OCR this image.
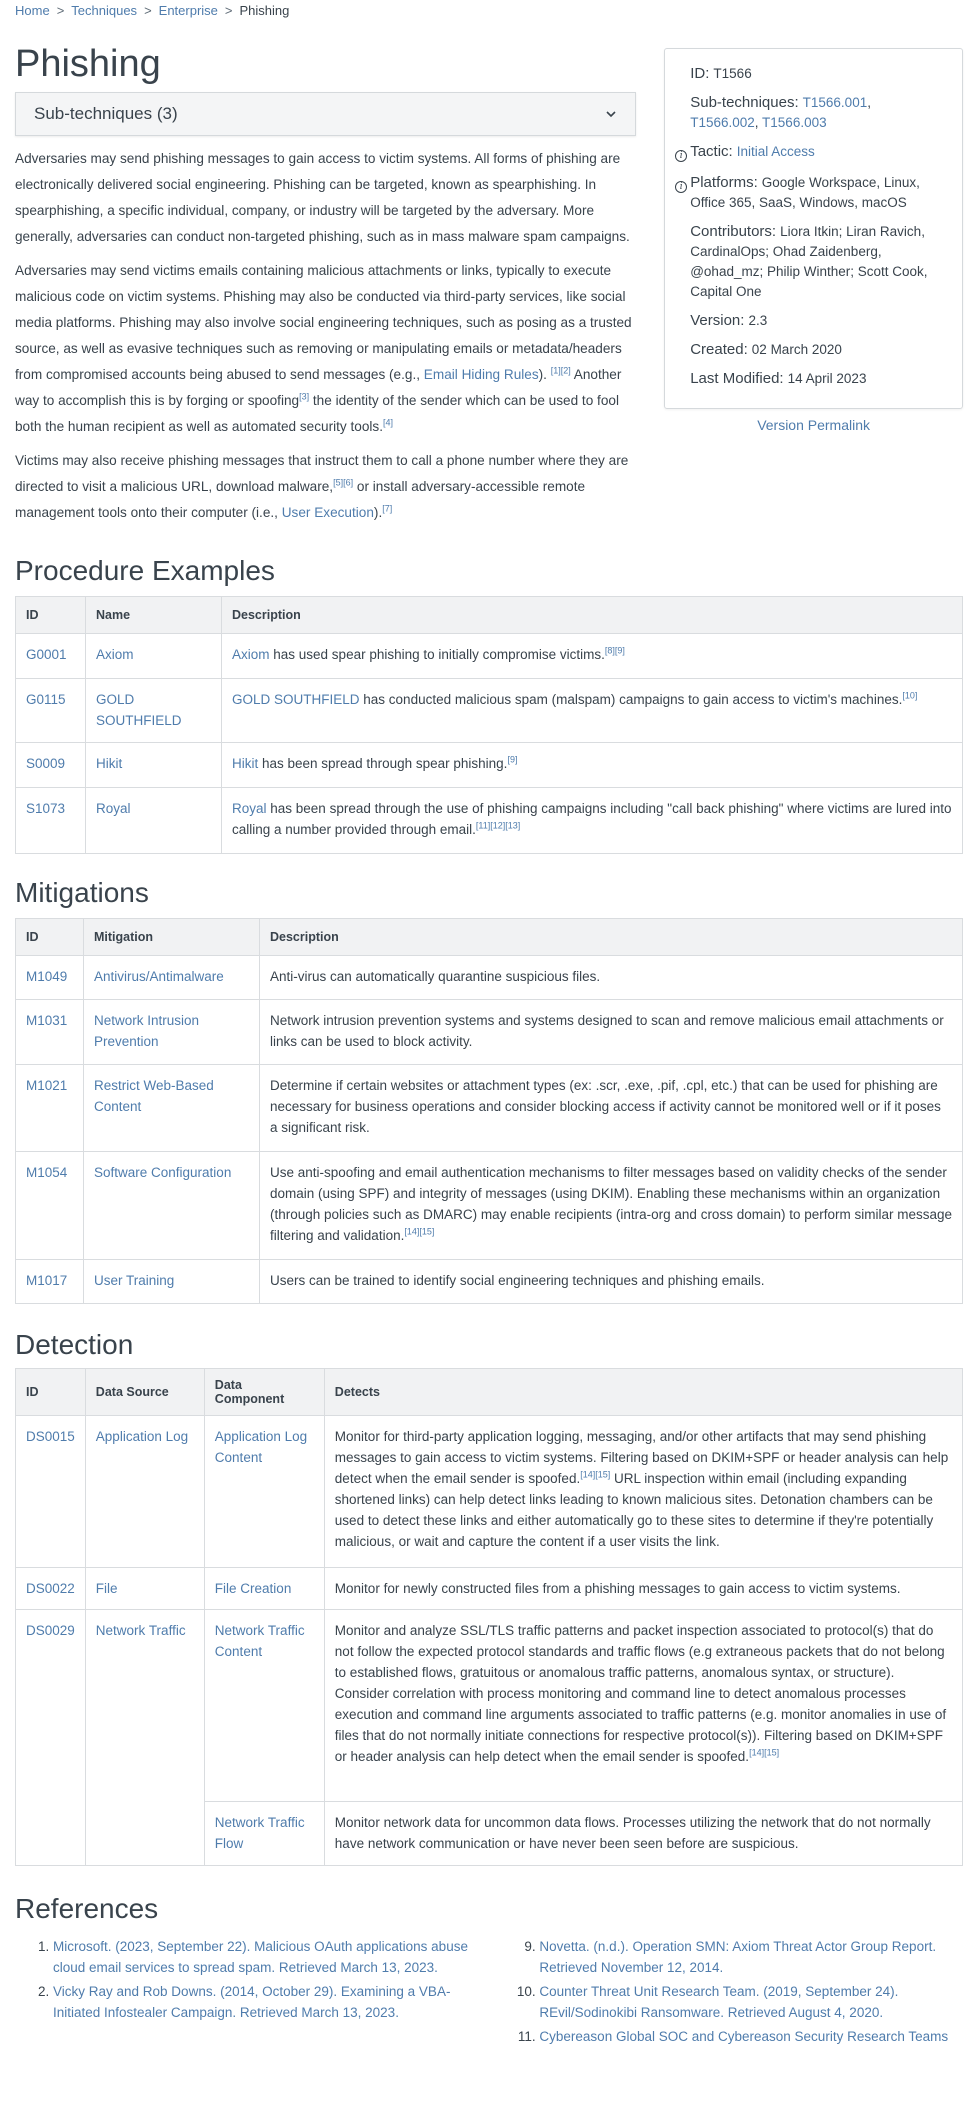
Home > Techniques > Enterprise > Phishing
Phishing
Sub-techniques (3)

Adversaries may send phishing messages to gain access to victim systems. All forms of phishing are electronically delivered social engineering. Phishing can be targeted, known as spearphishing. In spearphishing, a specific individual, company, or industry will be targeted by the adversary. More generally, adversaries can conduct non-targeted phishing, such as in mass malware spam campaigns.

Adversaries may send victims emails containing malicious attachments or links, typically to execute malicious code on victim systems. Phishing may also be conducted via third-party services, like social media platforms. Phishing may also involve social engineering techniques, such as posing as a trusted source, as well as evasive techniques such as removing or manipulating emails or metadata/headers from compromised accounts being abused to send messages (e.g., Email Hiding Rules). [1][2] Another way to accomplish this is by forging or spoofing[3] the identity of the sender which can be used to fool both the human recipient as well as automated security tools.[4]

Victims may also receive phishing messages that instruct them to call a phone number where they are directed to visit a malicious URL, download malware,[5][6] or install adversary-accessible remote management tools onto their computer (i.e., User Execution).[7]

ID: T1566
Sub-techniques: T1566.001, T1566.002, T1566.003
i Tactic: Initial Access
i Platforms: Google Workspace, Linux, Office 365, SaaS, Windows, macOS
Contributors: Liora Itkin; Liran Ravich, CardinalOps; Ohad Zaidenberg, @ohad_mz; Philip Winther; Scott Cook, Capital One
Version: 2.3
Created: 02 March 2020
Last Modified: 14 April 2023
Version Permalink
Procedure Examples
ID	Name	Description
G0001	Axiom	Axiom has used spear phishing to initially compromise victims.[8][9]
G0115	GOLD SOUTHFIELD	GOLD SOUTHFIELD has conducted malicious spam (malspam) campaigns to gain access to victim's machines.[10]
S0009	Hikit	Hikit has been spread through spear phishing.[9]
S1073	Royal	Royal has been spread through the use of phishing campaigns including "call back phishing" where victims are lured into calling a number provided through email.[11][12][13]
Mitigations
ID	Mitigation	Description
M1049	Antivirus/Antimalware	Anti-virus can automatically quarantine suspicious files.
M1031	Network Intrusion Prevention	Network intrusion prevention systems and systems designed to scan and remove malicious email attachments or links can be used to block activity.
M1021	Restrict Web-Based Content	Determine if certain websites or attachment types (ex: .scr, .exe, .pif, .cpl, etc.) that can be used for phishing are necessary for business operations and consider blocking access if activity cannot be monitored well or if it poses a significant risk.
M1054	Software Configuration	Use anti-spoofing and email authentication mechanisms to filter messages based on validity checks of the sender domain (using SPF) and integrity of messages (using DKIM). Enabling these mechanisms within an organization (through policies such as DMARC) may enable recipients (intra-org and cross domain) to perform similar message filtering and validation.[14][15]
M1017	User Training	Users can be trained to identify social engineering techniques and phishing emails.
Detection
ID	Data Source	Data Component	Detects
DS0015	Application Log	Application Log Content	Monitor for third-party application logging, messaging, and/or other artifacts that may send phishing messages to gain access to victim systems. Filtering based on DKIM+SPF or header analysis can help detect when the email sender is spoofed.[14][15] URL inspection within email (including expanding shortened links) can help detect links leading to known malicious sites. Detonation chambers can be used to detect these links and either automatically go to these sites to determine if they're potentially malicious, or wait and capture the content if a user visits the link.
DS0022	File	File Creation	Monitor for newly constructed files from a phishing messages to gain access to victim systems.
DS0029	Network Traffic	Network Traffic Content	Monitor and analyze SSL/TLS traffic patterns and packet inspection associated to protocol(s) that do not follow the expected protocol standards and traffic flows (e.g extraneous packets that do not belong to established flows, gratuitous or anomalous traffic patterns, anomalous syntax, or structure). Consider correlation with process monitoring and command line to detect anomalous processes execution and command line arguments associated to traffic patterns (e.g. monitor anomalies in use of files that do not normally initiate connections for respective protocol(s)). Filtering based on DKIM+SPF or header analysis can help detect when the email sender is spoofed.[14][15]
		Network Traffic Flow	Monitor network data for uncommon data flows. Processes utilizing the network that do not normally have network communication or have never been seen before are suspicious.
References
1. Microsoft. (2023, September 22). Malicious OAuth applications abuse cloud email services to spread spam. Retrieved March 13, 2023.
2. Vicky Ray and Rob Downs. (2014, October 29). Examining a VBA-Initiated Infostealer Campaign. Retrieved March 13, 2023.
9. Novetta. (n.d.). Operation SMN: Axiom Threat Actor Group Report. Retrieved November 12, 2014.
10. Counter Threat Unit Research Team. (2019, September 24). REvil/Sodinokibi Ransomware. Retrieved August 4, 2020.
11. Cybereason Global SOC and Cybereason Security Research Teams
